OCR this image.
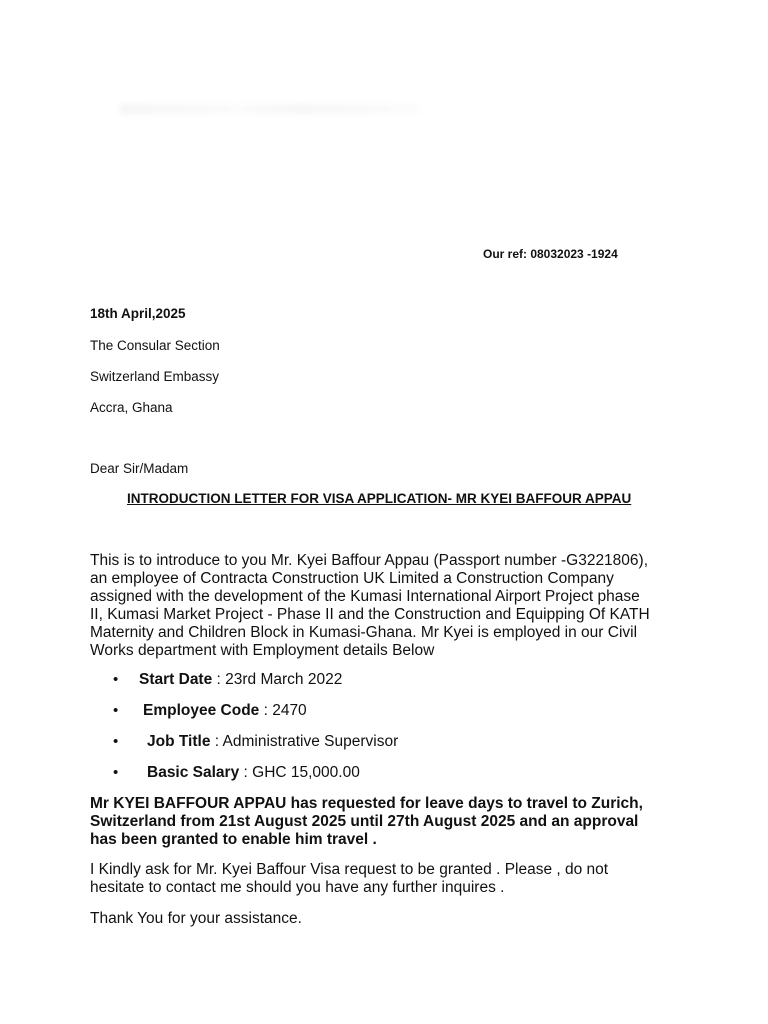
Our ref: 08032023 -1924
18th April,2025
The Consular Section
Switzerland Embassy
Accra, Ghana
Dear Sir/Madam
INTRODUCTION LETTER FOR VISA APPLICATION- MR KYEI BAFFOUR APPAU
This is to introduce to you Mr. Kyei Baffour Appau (Passport number -G3221806),
an employee of Contracta Construction UK Limited a Construction Company
assigned with the development of the Kumasi International Airport Project phase
II, Kumasi Market Project - Phase II and the Construction and Equipping Of KATH
Maternity and Children Block in Kumasi-Ghana. Mr Kyei is employed in our Civil
Works department with Employment details Below
• Start Date : 23rd March 2022
• Employee Code : 2470
• Job Title : Administrative Supervisor
• Basic Salary : GHC 15,000.00
Mr KYEI BAFFOUR APPAU has requested for leave days to travel to Zurich,
Switzerland from 21st August 2025 until 27th August 2025 and an approval
has been granted to enable him travel .
I Kindly ask for Mr. Kyei Baffour Visa request to be granted . Please , do not
hesitate to contact me should you have any further inquires .
Thank You for your assistance.
